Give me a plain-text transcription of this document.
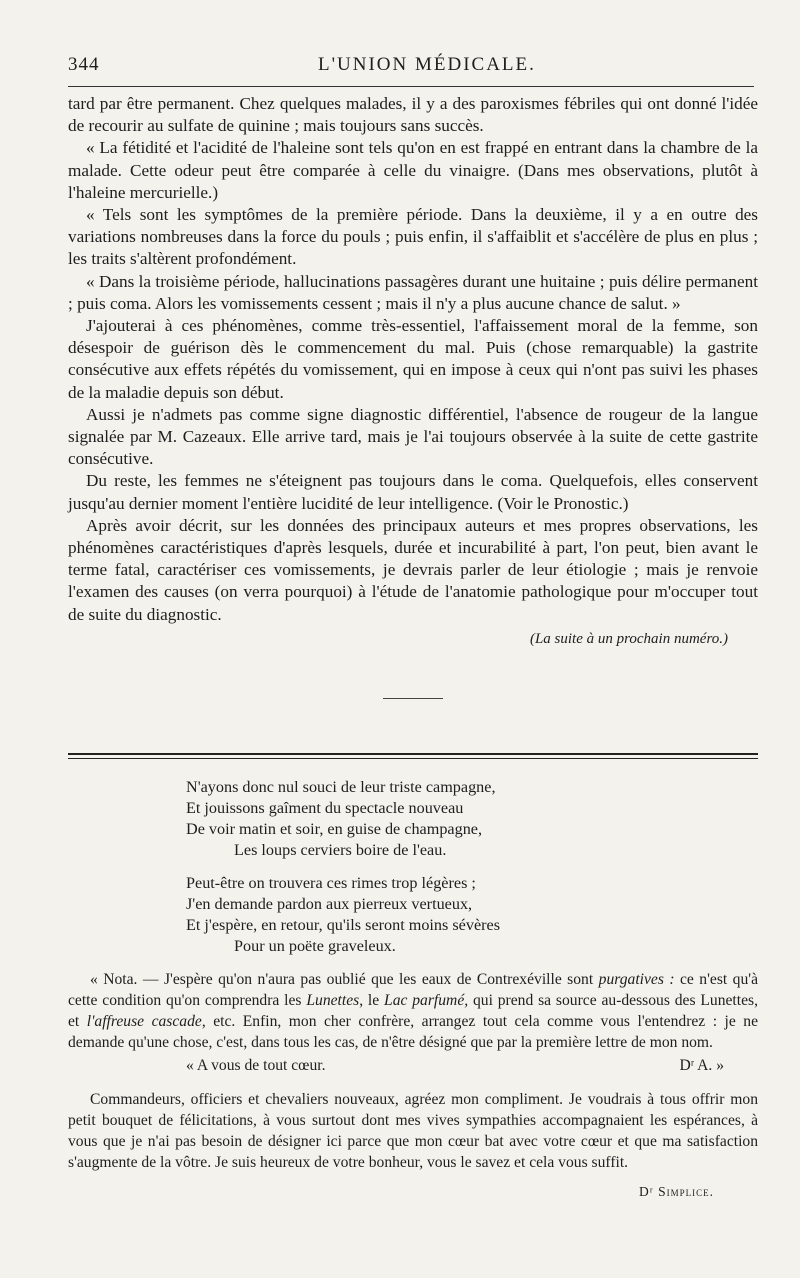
344	L'UNION MÉDICALE.

tard par être permanent. Chez quelques malades, il y a des paroxismes fébriles qui ont donné l'idée de recourir au sulfate de quinine ; mais toujours sans succès.

« La fétidité et l'acidité de l'haleine sont tels qu'on en est frappé en entrant dans la chambre de la malade. Cette odeur peut être comparée à celle du vinaigre. (Dans mes observations, plutôt à l'haleine mercurielle.)

« Tels sont les symptômes de la première période. Dans la deuxième, il y a en outre des variations nombreuses dans la force du pouls ; puis enfin, il s'affaiblit et s'accélère de plus en plus ; les traits s'altèrent profondément.

« Dans la troisième période, hallucinations passagères durant une huitaine ; puis délire permanent ; puis coma. Alors les vomissements cessent ; mais il n'y a plus aucune chance de salut. »

J'ajouterai à ces phénomènes, comme très-essentiel, l'affaissement moral de la femme, son désespoir de guérison dès le commencement du mal. Puis (chose remarquable) la gastrite consécutive aux effets répétés du vomissement, qui en impose à ceux qui n'ont pas suivi les phases de la maladie depuis son début.

Aussi je n'admets pas comme signe diagnostic différentiel, l'absence de rougeur de la langue signalée par M. Cazeaux. Elle arrive tard, mais je l'ai toujours observée à la suite de cette gastrite consécutive.

Du reste, les femmes ne s'éteignent pas toujours dans le coma. Quelquefois, elles conservent jusqu'au dernier moment l'entière lucidité de leur intelligence. (Voir le Pronostic.)

Après avoir décrit, sur les données des principaux auteurs et mes propres observations, les phénomènes caractéristiques d'après lesquels, durée et incurabilité à part, l'on peut, bien avant le terme fatal, caractériser ces vomissements, je devrais parler de leur étiologie ; mais je renvoie l'examen des causes (on verra pourquoi) à l'étude de l'anatomie pathologique pour m'occuper tout de suite du diagnostic.

(La suite à un prochain numéro.)
N'ayons donc nul souci de leur triste campagne,
Et jouissons gaîment du spectacle nouveau
De voir matin et soir, en guise de champagne,
Les loups cerviers boire de l'eau.
Peut-être on trouvera ces rimes trop légères ;
J'en demande pardon aux pierreux vertueux,
Et j'espère, en retour, qu'ils seront moins sévères
Pour un poëte graveleux.

« Nota. — J'espère qu'on n'aura pas oublié que les eaux de Contrexéville sont purgatives : ce n'est qu'à cette condition qu'on comprendra les Lunettes, le Lac parfumé, qui prend sa source au-dessous des Lunettes, et l'affreuse cascade, etc. Enfin, mon cher confrère, arrangez tout cela comme vous l'entendrez : je ne demande qu'une chose, c'est, dans tous les cas, de n'être désigné que par la première lettre de mon nom.

« A vous de tout cœur.	Dʳ A. »

Commandeurs, officiers et chevaliers nouveaux, agréez mon compliment. Je voudrais à tous offrir mon petit bouquet de félicitations, à vous surtout dont mes vives sympathies accompagnaient les espérances, à vous que je n'ai pas besoin de désigner ici parce que mon cœur bat avec votre cœur et que ma satisfaction s'augmente de la vôtre. Je suis heureux de votre bonheur, vous le savez et cela vous suffit.

Dʳ Simplice.
